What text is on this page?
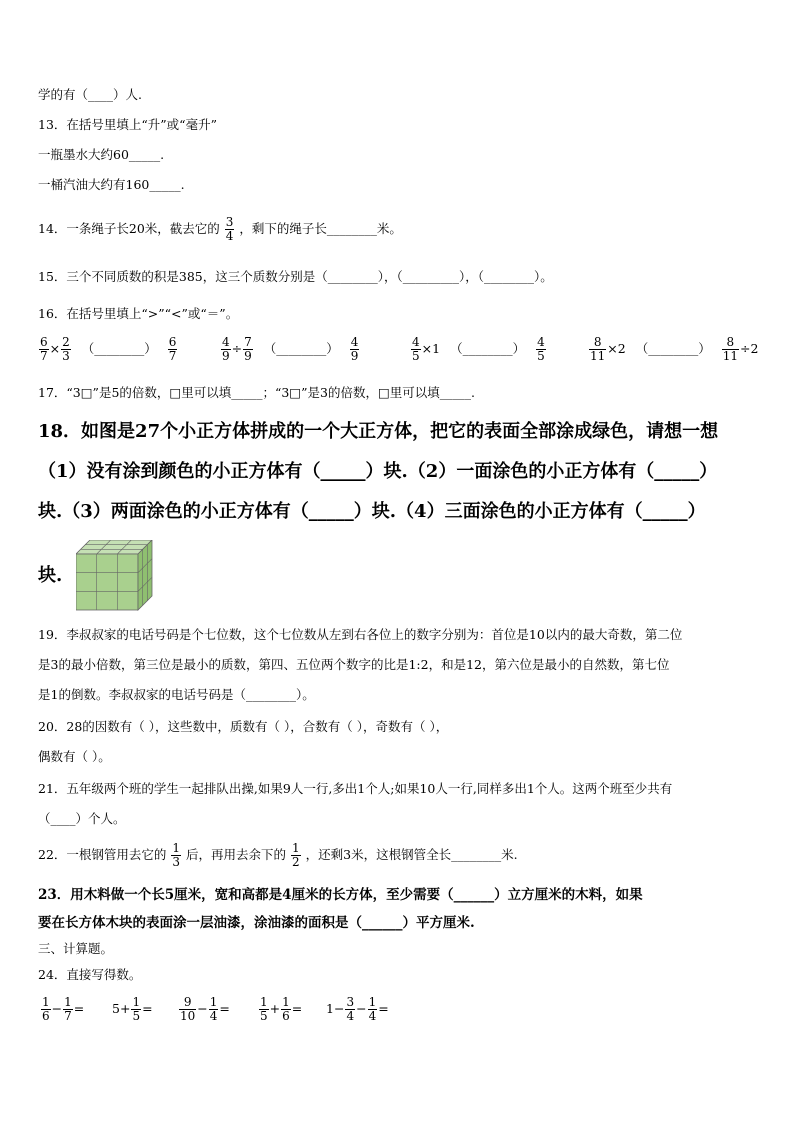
学的有（____）人.
13．在括号里填上“升”或“毫升”
一瓶墨水大约60_____.
一桶汽油大约有160_____.
14．一条绳子长20米，截去它的 $\frac{3}{4}$ ，剩下的绳子长________米。
15．三个不同质数的积是385，这三个质数分别是（________），（_________），（________）。
16．在括号里填上“>”“<”或“＝”。
$\frac{6}{7} \times \frac{2}{3}$ （________） $\frac{6}{7}$	$\frac{4}{9} \div \frac{7}{9}$ （________） $\frac{4}{9}$	$\frac{4}{5} \times 1$ （________） $\frac{4}{5}$	$\frac{8}{11} \times 2$ （________） $\frac{8}{11} \div 2$
17．“3□”是5的倍数，□里可以填_____；“3□”是3的倍数，□里可以填_____.
18．如图是27个小正方体拼成的一个大正方体，把它的表面全部涂成绿色，请想一想
（1）没有涂到颜色的小正方体有（_____）块.（2）一面涂色的小正方体有（_____）
块.（3）两面涂色的小正方体有（_____）块.（4）三面涂色的小正方体有（_____）
块.
19．李叔叔家的电话号码是个七位数，这个七位数从左到右各位上的数字分别为：首位是10以内的最大奇数，第二位
是3的最小倍数，第三位是最小的质数，第四、五位两个数字的比是1:2，和是12，第六位是最小的自然数，第七位
是1的倒数。李叔叔家的电话号码是（________）。
20．28的因数有（ ），这些数中，质数有（ ），合数有（ ），奇数有（ ），
偶数有（ ）。
21．五年级两个班的学生一起排队出操,如果9人一行,多出1个人;如果10人一行,同样多出1个人。这两个班至少共有
（____）个人。
22．一根钢管用去它的 $\frac{1}{3}$ 后，再用去余下的 $\frac{1}{2}$ ，还剩3米，这根钢管全长________米.
23．用木料做一个长5厘米，宽和高都是4厘米的长方体，至少需要（______）立方厘米的木料，如果
要在长方体木块的表面涂一层油漆，涂油漆的面积是（______）平方厘米.
三、计算题。
24．直接写得数。
$\frac{1}{6} - \frac{1}{7} = 5+ \frac{1}{5} = \frac{9}{10} - \frac{1}{4} = \frac{1}{5} + \frac{1}{6} = 1- \frac{3}{4} - \frac{1}{4}$ =
